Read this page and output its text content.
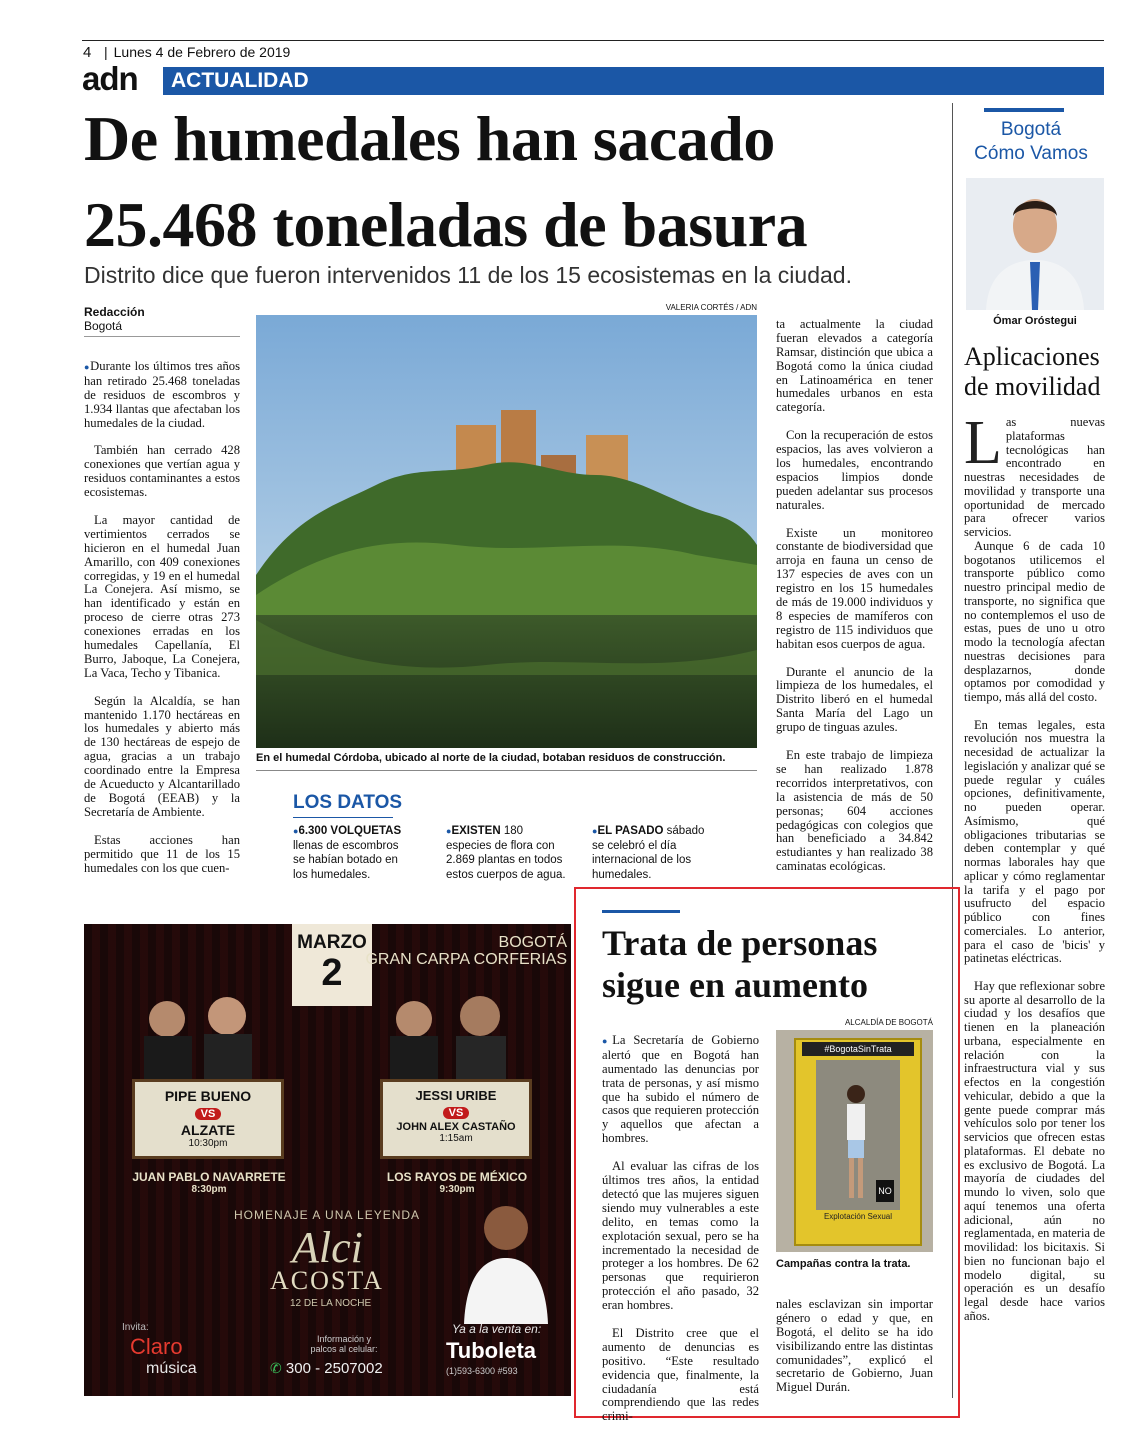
4 | Lunes 4 de Febrero de 2019
adn	ACTUALIDAD
De humedales han sacado
25.468 toneladas de basura
Distrito dice que fueron intervenidos 11 de los 15 ecosistemas en la ciudad.
Redacción
Bogotá

● Durante los últimos tres años han retirado 25.468 toneladas de residuos de escombros y 1.934 llantas que afectaban los humedales de la ciudad.

También han cerrado 428 conexiones que vertían agua y residuos contaminantes a estos ecosistemas.

La mayor cantidad de vertimientos cerrados se hicieron en el humedal Juan Amarillo, con 409 conexiones corregidas, y 19 en el humedal La Conejera. Así mismo, se han identificado y están en proceso de cierre otras 273 conexiones erradas en los humedales Capellanía, El Burro, Jaboque, La Conejera, La Vaca, Techo y Tibanica.

Según la Alcaldía, se han mantenido 1.170 hectáreas en los humedales y abierto más de 130 hectáreas de espejo de agua, gracias a un trabajo coordinado entre la Empresa de Acueducto y Alcantarillado de Bogotá (EEAB) y la Secretaría de Ambiente.

Estas acciones han permitido que 11 de los 15 humedales con los que cuen-

VALERIA CORTÉS / ADN
En el humedal Córdoba, ubicado al norte de la ciudad, botaban residuos de construcción.
LOS DATOS
● 6.300 VOLQUETAS llenas de escombros se habían botado en los humedales.
● EXISTEN 180 especies de flora con 2.869 plantas en todos estos cuerpos de agua.
● EL PASADO sábado se celebró el día internacional de los humedales.

ta actualmente la ciudad fueran elevados a categoría Ramsar, distinción que ubica a Bogotá como la única ciudad en Latinoamérica en tener humedales urbanos en esta categoría.

Con la recuperación de estos espacios, las aves volvieron a los humedales, encontrando espacios limpios donde pueden adelantar sus procesos naturales.

Existe un monitoreo constante de biodiversidad que arroja en fauna un censo de 137 especies de aves con un registro en los 15 humedales de más de 19.000 individuos y 8 especies de mamíferos con registro de 115 individuos que habitan esos cuerpos de agua.

Durante el anuncio de la limpieza de los humedales, el Distrito liberó en el humedal Santa María del Lago un grupo de tinguas azules.

En este trabajo de limpieza se han realizado 1.878 recorridos interpretativos, con la asistencia de más de 50 personas; 604 acciones pedagógicas con colegios que han beneficiado a 34.842 estudiantes y han realizado 38 caminatas ecológicas.

Bogotá
Cómo Vamos
Ómar Oróstegui
Aplicaciones
de movilidad
Las nuevas plataformas tecnológicas han encontrado en nuestras necesidades de movilidad y transporte una oportunidad de mercado para ofrecer varios servicios.

Aunque 6 de cada 10 bogotanos utilicemos el transporte público como nuestro principal medio de transporte, no significa que no contemplemos el uso de estas, pues de uno u otro modo la tecnología afectan nuestras decisiones para desplazarnos, donde optamos por comodidad y tiempo, más allá del costo.

En temas legales, esta revolución nos muestra la necesidad de actualizar la legislación y analizar qué se puede regular y cuáles opciones, definitivamente, no pueden operar. Asímismo, qué obligaciones tributarias se deben contemplar y qué normas laborales hay que aplicar y cómo reglamentar la tarifa y el pago por usufructo del espacio público con fines comerciales. Lo anterior, para el caso de 'bicis' y patinetas eléctricas.

Hay que reflexionar sobre su aporte al desarrollo de la ciudad y los desafíos que tienen en la planeación urbana, especialmente en relación con la infraestructura vial y sus efectos en la congestión vehicular, debido a que la gente puede comprar más vehículos solo por tener los servicios que ofrecen estas plataformas. El debate no es exclusivo de Bogotá. La mayoría de ciudades del mundo lo viven, solo que aquí tenemos una oferta adicional, aún no reglamentada, en materia de movilidad: los bicitaxis. Si bien no funcionan bajo el modelo digital, su operación es un desafío legal desde hace varios años.

MARZO
2
BOGOTÁ
GRAN CARPA CORFERIAS
PIPE BUENO
VS
ALZATE
10:30pm
JESSI URIBE
VS
JOHN ALEX CASTAÑO
1:15am
JUAN PABLO NAVARRETE
8:30pm
LOS RAYOS DE MÉXICO
9:30pm
HOMENAJE A UNA LEYENDA
Alci
ACOSTA
12 DE LA NOCHE
Invita:
Claro
música
Información y palcos al celular:
✆ 300 - 2507002
Ya a la venta en:
Tuboleta
(1)593-6300 #593
Trata de personas
sigue en aumento

● La Secretaría de Gobierno alertó que en Bogotá han aumentado las denuncias por trata de personas, y así mismo que ha subido el número de casos que requieren protección y aquellos que afectan a hombres.

Al evaluar las cifras de los últimos tres años, la entidad detectó que las mujeres siguen siendo muy vulnerables a este delito, en temas como la explotación sexual, pero se ha incrementado la necesidad de proteger a los hombres. De 62 personas que requirieron protección el año pasado, 32 eran hombres.

El Distrito cree que el aumento de denuncias es positivo. “Este resultado evidencia que, finalmente, la ciudadanía está comprendiendo que las redes crimi-

ALCALDÍA DE BOGOTÁ
#BogotaSinTrata
NO
Explotación Sexual
Campañas contra la trata.

nales esclavizan sin importar género o edad y que, en Bogotá, el delito se ha ido visibilizando entre las distintas comunidades”, explicó el secretario de Gobierno, Juan Miguel Durán.
